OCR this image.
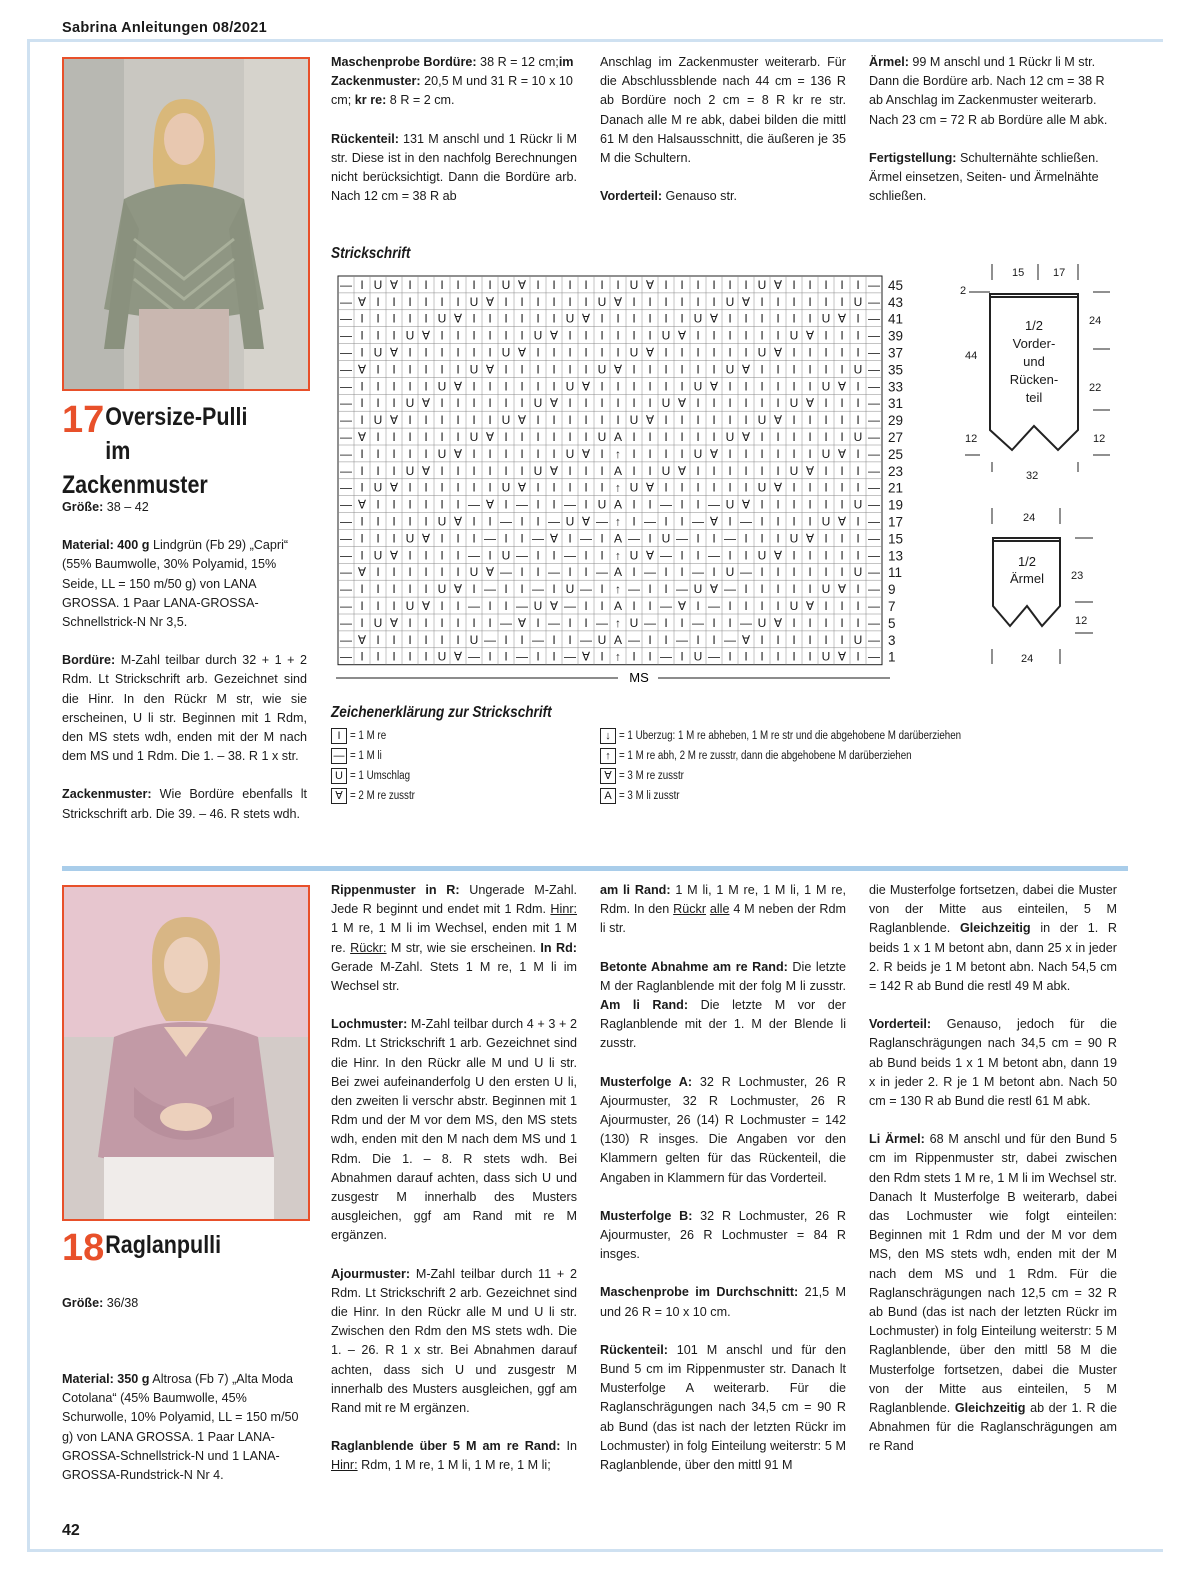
Sabrina Anleitungen 08/2021
17 Oversize-Pulli
im Zackenmuster

Größe: 38 – 42

Material: 400 g Lindgrün (Fb 29) „Capri“ (55% Baumwolle, 30% Polyamid, 15% Seide, LL = 150 m/50 g) von LANA GROSSA. 1 Paar LANA-GROSSA-Schnellstrick-N Nr 3,5.

Bordüre: M-Zahl teilbar durch 32 + 1 + 2 Rdm. Lt Strickschrift arb. Gezeichnet sind die Hinr. In den Rückr M str, wie sie erscheinen, U li str. Beginnen mit 1 Rdm, den MS stets wdh, enden mit der M nach dem MS und 1 Rdm. Die 1. – 38. R 1 x str.

Zackenmuster: Wie Bordüre ebenfalls lt Strickschrift arb. Die 39. – 46. R stets wdh.

Maschenprobe Bordüre: 38 R = 12 cm;im Zackenmuster: 20,5 M und 31 R = 10 x 10 cm; kr re: 8 R = 2 cm.

Rückenteil: 131 M anschl und 1 Rückr li M str. Diese ist in den nachfolg Berechnungen nicht berücksichtigt. Dann die Bordüre arb. Nach 12 cm = 38 R ab

Anschlag im Zackenmuster weiterarb. Für die Abschlussblende nach 44 cm = 136 R ab Bordüre noch 2 cm = 8 R kr re str. Danach alle M re abk, dabei bilden die mittl 61 M den Halsausschnitt, die äußeren je 35 M die Schultern.

Vorderteil: Genauso str.

Ärmel: 99 M anschl und 1 Rückr li M str. Dann die Bordüre arb. Nach 12 cm = 38 R ab Anschlag im Zackenmuster weiterarb. Nach 23 cm = 72 R ab Bordüre alle M abk.

Fertigstellung: Schulternähte schließen. Ärmel einsetzen, Seiten- und Ärmelnähte schließen.

Strickschrift
— I U ∀ I I I I I I U ∀ I I I I I I U ∀ I I I I I I U ∀ I I I I I —
— ∀ I I I I I I U ∀ I I I I I I U ∀ I I I I I I U ∀ I I I I I I U —
— I I I I I U ∀ I I I I I I U ∀ I I I I I I U ∀ I I I I I I U ∀ I —
— I I I U ∀ I I I I I I U ∀ I I I I I I U ∀ I I I I I I U ∀ I I I —
— I U ∀ I I I I I I U ∀ I I I I I I U ∀ I I I I I I U ∀ I I I I I —
— ∀ I I I I I I U ∀ I I I I I I U ∀ I I I I I I U ∀ I I I I I I U —
— I I I I I U ∀ I I I I I I U ∀ I I I I I I U ∀ I I I I I I U ∀ I —
— I I I U ∀ I I I I I I U ∀ I I I I I I U ∀ I I I I I I U ∀ I I I —
— I U ∀ I I I I I I U ∀ I I I I I I U ∀ I I I I I I U ∀ I I I I I —
— ∀ I I I I I I U ∀ I I I I I I U A I I I I I I U ∀ I I I I I I U —
— I I I I I U ∀ I I I I I I U ∀ I ↑ I I I I U ∀ I I I I I I U ∀ I —
— I I I U ∀ I I I I I I U ∀ I I I A I I U ∀ I I I I I I U ∀ I I I —
— I U ∀ I I I I I I U ∀ I I I I I ↑ U ∀ I I I I I I U ∀ I I I I I —
— ∀ I I I I I I — ∀ I — I I — I U A I I — I I — U ∀ I I I I I I U —
— I I I I I U ∀ I I — I I — U ∀ — ↑ I — I I — ∀ I — I I I I U ∀ I —
— I I I U ∀ I I I — I I — ∀ I — I A — I U — I I — I I I U ∀ I I I —
— I U ∀ I I I I — I U — I I — I I ↑ U ∀ — I I — I I U ∀ I I I I I —
— ∀ I I I I I I U ∀ — I I — I I — A I — I I — I U — I I I I I I U —
— I I I I I U ∀ I — I I — I U — I ↑ — I I — U ∀ — I I I I I U ∀ I —
— I I I U ∀ I I — I I — U ∀ — I I A I I — ∀ I — I I I I U ∀ I I I —
— I U ∀ I I I I I I — ∀ I — I I — ↑ U — I I — I I — U ∀ I I I I I —
— ∀ I I I I I I U — I I — I I — U A — I I — I I — ∀ I I I I I I U —
— I I I I I U ∀ — I I — I I — ∀ I ↑ I I — I U — I I I I I I U ∀ I —
45
43
41
39
37
35
33
31
29
27
25
23
21
19
17
15
13
11
9
7
5
3
1
MS
Zeichenerklärung zur Strickschrift
I = 1 M re
— = 1 M li
U = 1 Umschlag
∀ = 2 M re zusstr
↓ = 1 Überzug: 1 M re abheben, 1 M re str und die abgehobene M darüberziehen
↑ = 1 M re abh, 2 M re zusstr, dann die abgehobene M darüberziehen
∀ = 3 M re zusstr
A = 3 M li zusstr
15	17
2
24
22
44
12	12
32
1/2
Vorder-
und
Rücken-
teil
24
23
12
24
1/2
Ärmel
18 Raglanpulli

Größe: 36/38

Material: 350 g Altrosa (Fb 7) „Alta Moda Cotolana“ (45% Baumwolle, 45% Schurwolle, 10% Polyamid, LL = 150 m/50 g) von LANA GROSSA. 1 Paar LANA-GROSSA-Schnellstrick-N und 1 LANA-GROSSA-Rundstrick-N Nr 4.

Rippenmuster in R: Ungerade M-Zahl. Jede R beginnt und endet mit 1 Rdm. Hinr: 1 M re, 1 M li im Wechsel, enden mit 1 M re. Rückr: M str, wie sie erscheinen. In Rd: Gerade M-Zahl. Stets 1 M re, 1 M li im Wechsel str.

Lochmuster: M-Zahl teilbar durch 4 + 3 + 2 Rdm. Lt Strickschrift 1 arb. Gezeichnet sind die Hinr. In den Rückr alle M und U li str. Bei zwei aufeinanderfolg U den ersten U li, den zweiten li verschr abstr. Beginnen mit 1 Rdm und der M vor dem MS, den MS stets wdh, enden mit den M nach dem MS und 1 Rdm. Die 1. – 8. R stets wdh. Bei Abnahmen darauf achten, dass sich U und zusgestr M innerhalb des Musters ausgleichen, ggf am Rand mit re M ergänzen.

Ajourmuster: M-Zahl teilbar durch 11 + 2 Rdm. Lt Strickschrift 2 arb. Gezeichnet sind die Hinr. In den Rückr alle M und U li str. Zwischen den Rdm den MS stets wdh. Die 1. – 26. R 1 x str. Bei Abnahmen darauf achten, dass sich U und zusgestr M innerhalb des Musters ausgleichen, ggf am Rand mit re M ergänzen.

Raglanblende über 5 M am re Rand: In Hinr: Rdm, 1 M re, 1 M li, 1 M re, 1 M li;

am li Rand: 1 M li, 1 M re, 1 M li, 1 M re, Rdm. In den Rückr alle 4 M neben der Rdm li str.

Betonte Abnahme am re Rand: Die letzte M der Raglanblende mit der folg M li zusstr. Am li Rand: Die letzte M vor der Raglanblende mit der 1. M der Blende li zusstr.

Musterfolge A: 32 R Lochmuster, 26 R Ajourmuster, 32 R Lochmuster, 26 R Ajourmuster, 26 (14) R Lochmuster = 142 (130) R insges. Die Angaben vor den Klammern gelten für das Rückenteil, die Angaben in Klammern für das Vorderteil.

Musterfolge B: 32 R Lochmuster, 26 R Ajourmuster, 26 R Lochmuster = 84 R insges.

Maschenprobe im Durchschnitt: 21,5 M und 26 R = 10 x 10 cm.

Rückenteil: 101 M anschl und für den Bund 5 cm im Rippenmuster str. Danach lt Musterfolge A weiterarb. Für die Raglanschrägungen nach 34,5 cm = 90 R ab Bund (das ist nach der letzten Rückr im Lochmuster) in folg Einteilung weiterstr: 5 M Raglanblende, über den mittl 91 M

die Musterfolge fortsetzen, dabei die Muster von der Mitte aus einteilen, 5 M Raglanblende. Gleichzeitig in der 1. R beids 1 x 1 M betont abn, dann 25 x in jeder 2. R beids je 1 M betont abn. Nach 54,5 cm = 142 R ab Bund die restl 49 M abk.

Vorderteil: Genauso, jedoch für die Raglanschrägungen nach 34,5 cm = 90 R ab Bund beids 1 x 1 M betont abn, dann 19 x in jeder 2. R je 1 M betont abn. Nach 50 cm = 130 R ab Bund die restl 61 M abk.

Li Ärmel: 68 M anschl und für den Bund 5 cm im Rippenmuster str, dabei zwischen den Rdm stets 1 M re, 1 M li im Wechsel str. Danach lt Musterfolge B weiterarb, dabei das Lochmuster wie folgt einteilen: Beginnen mit 1 Rdm und der M vor dem MS, den MS stets wdh, enden mit der M nach dem MS und 1 Rdm. Für die Raglanschrägungen nach 12,5 cm = 32 R ab Bund (das ist nach der letzten Rückr im Lochmuster) in folg Einteilung weiterstr: 5 M Raglanblende, über den mittl 58 M die Musterfolge fortsetzen, dabei die Muster von der Mitte aus einteilen, 5 M Raglanblende. Gleichzeitig ab der 1. R die Abnahmen für die Raglanschrägungen am re Rand

42
